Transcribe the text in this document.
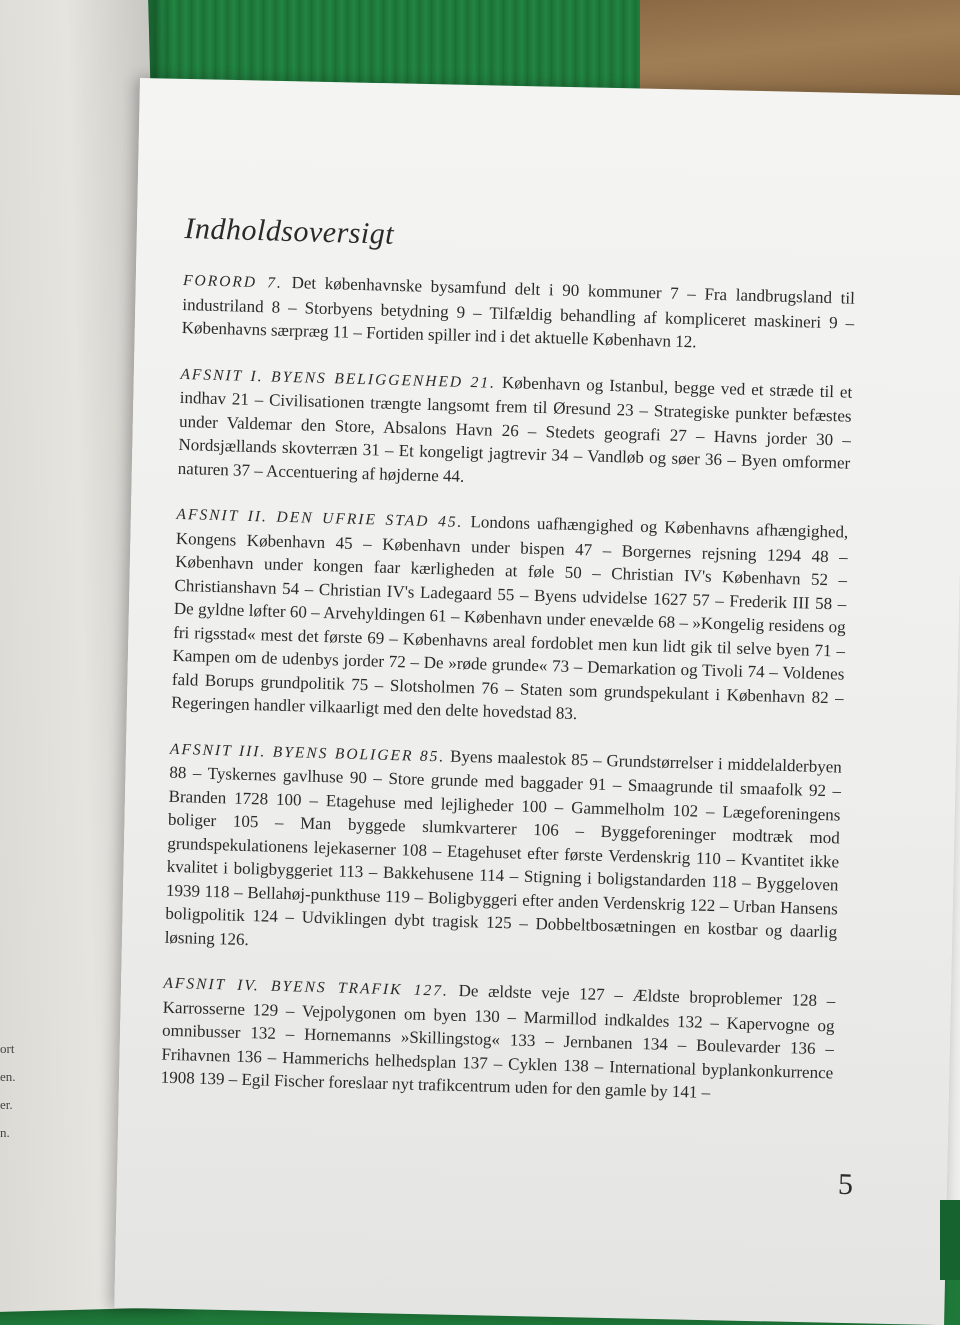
ort
en.
er.
n.
Indholdsoversigt

FORORD 7. Det københavnske bysamfund delt i 90 kommuner 7 – Fra landbrugsland til industriland 8 – Storbyens betydning 9 – Tilfældig behandling af kompliceret maskineri 9 – Københavns særpræg 11 – Fortiden spiller ind i det aktuelle København 12.

AFSNIT I. BYENS BELIGGENHED 21. København og Istanbul, begge ved et stræde til et indhav 21 – Civilisationen trængte langsomt frem til Øresund 23 – Strategiske punkter befæstes under Valdemar den Store, Absalons Havn 26 – Stedets geografi 27 – Havns jorder 30 – Nordsjællands skovterræn 31 – Et kongeligt jagtrevir 34 – Vandløb og søer 36 – Byen omformer naturen 37 – Accentuering af højderne 44.

AFSNIT II. DEN UFRIE STAD 45. Londons uafhængighed og Københavns afhængighed, Kongens København 45 – København under bispen 47 – Borgernes rejsning 1294 48 – København under kongen faar kærligheden at føle 50 – Christian IV's København 52 – Christianshavn 54 – Christian IV's Ladegaard 55 – Byens udvidelse 1627 57 – Frederik III 58 – De gyldne løfter 60 – Arvehyldingen 61 – København under enevælde 68 – »Kongelig residens og fri rigsstad« mest det første 69 – Københavns areal fordoblet men kun lidt gik til selve byen 71 – Kampen om de udenbys jorder 72 – De »røde grunde« 73 – Demarkation og Tivoli 74 – Voldenes fald Borups grundpolitik 75 – Slotsholmen 76 – Staten som grundspekulant i København 82 – Regeringen handler vilkaarligt med den delte hovedstad 83.

AFSNIT III. BYENS BOLIGER 85. Byens maalestok 85 – Grundstørrelser i middelalderbyen 88 – Tyskernes gavlhuse 90 – Store grunde med baggader 91 – Smaagrunde til smaafolk 92 – Branden 1728 100 – Etagehuse med lejligheder 100 – Gammelholm 102 – Lægeforeningens boliger 105 – Man byggede slumkvarterer 106 – Byggeforeninger modtræk mod grundspekulationens lejekaserner 108 – Etagehuset efter første Verdenskrig 110 – Kvantitet ikke kvalitet i boligbyggeriet 113 – Bakkehusene 114 – Stigning i boligstandarden 118 – Byggeloven 1939 118 – Bellahøj-punkthuse 119 – Boligbyggeri efter anden Verdenskrig 122 – Urban Hansens boligpolitik 124 – Udviklingen dybt tragisk 125 – Dobbeltbosætningen en kostbar og daarlig løsning 126.

AFSNIT IV. BYENS TRAFIK 127. De ældste veje 127 – Ældste broproblemer 128 – Karrosserne 129 – Vejpolygonen om byen 130 – Marmillod indkaldes 132 – Kapervogne og omnibusser 132 – Hornemanns »Skillingstog« 133 – Jernbanen 134 – Boulevarder 136 – Frihavnen 136 – Hammerichs helhedsplan 137 – Cyklen 138 – International byplankonkurrence 1908 139 – Egil Fischer foreslaar nyt trafikcentrum uden for den gamle by 141 –

5
